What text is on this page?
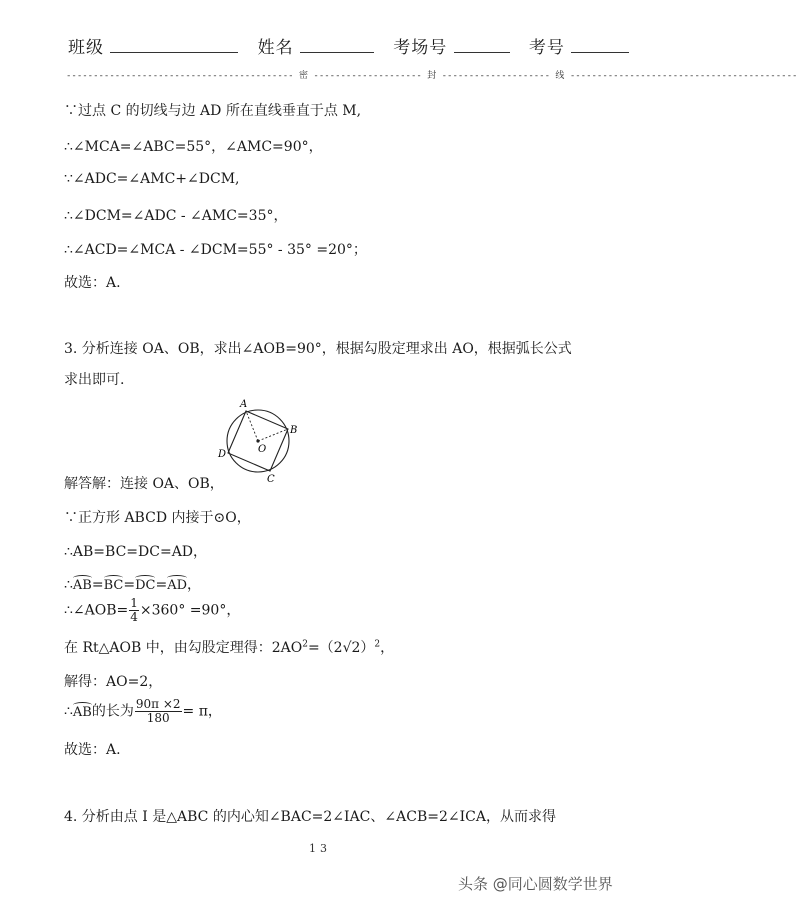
班级	姓名	考场号	考号
------------------------------------------ 密 -------------------- 封 -------------------- 线 ------------------------------------------
∵过点 C 的切线与边 AD 所在直线垂直于点 M,
∴∠MCA=∠ABC=55°，∠AMC=90°，
∵∠ADC=∠AMC+∠DCM,
∴∠DCM=∠ADC - ∠AMC=35°，
∴∠ACD=∠MCA - ∠DCM=55° - 35° =20°；
故选：A.
3. 分析连接 OA、OB，求出∠AOB=90°，根据勾股定理求出 AO，根据弧长公式
求出即可.
A
B
C
D	O
解答解：连接 OA、OB，
∵正方形 ABCD 内接于⊙O，
∴AB=BC=DC=AD，
∴AB=BC=DC=AD，
∴∠AOB= $\frac{1}{4} \times 360^\circ =90^\circ$，
在 Rt△AOB 中，由勾股定理得：$2AO^2=(2√2)^2$，
解得：AO=2，
∴AB的长为 $\frac{90\pi \times 2}{180} = \pi$，
故选：A.
4. 分析由点 I 是△ABC 的内心知∠BAC=2∠IAC、∠ACB=2∠ICA，从而求得
13
头条 @同心圆数学世界
